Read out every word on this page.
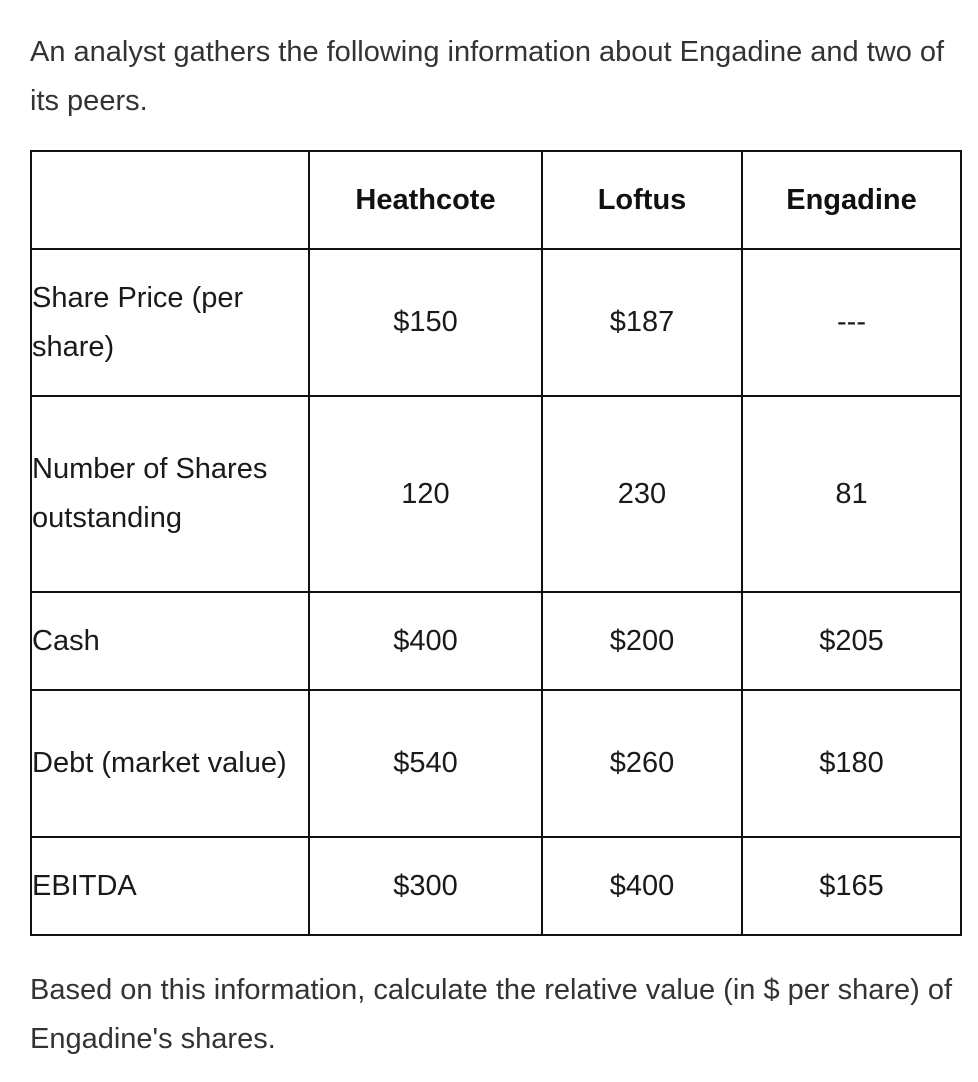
An analyst gathers the following information about Engadine and two of its peers.

	Heathcote	Loftus	Engadine
Share Price (per share)	$150	$187	---
Number of Shares outstanding	120	230	81
Cash	$400	$200	$205
Debt (market value)	$540	$260	$180
EBITDA	$300	$400	$165

Based on this information, calculate the relative value (in $ per share) of Engadine's shares.
